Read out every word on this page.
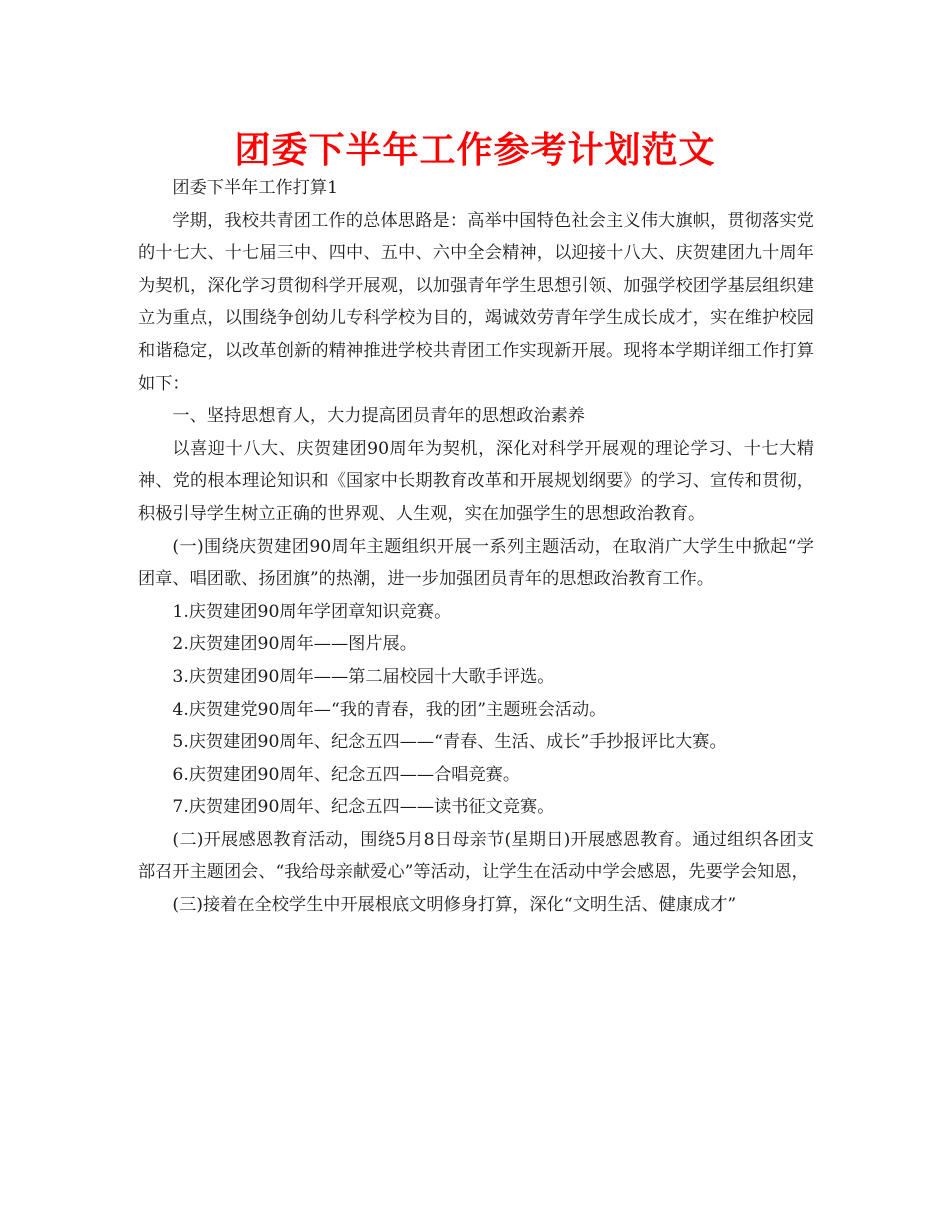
团委下半年工作参考计划范文

团委下半年工作打算1

学期，我校共青团工作的总体思路是：高举中国特色社会主义伟大旗帜，贯彻落实党的十七大、十七届三中、四中、五中、六中全会精神，以迎接十八大、庆贺建团九十周年为契机，深化学习贯彻科学开展观，以加强青年学生思想引领、加强学校团学基层组织建立为重点，以围绕争创幼儿专科学校为目的，竭诚效劳青年学生成长成才，实在维护校园和谐稳定，以改革创新的精神推进学校共青团工作实现新开展。现将本学期详细工作打算如下：

一、坚持思想育人，大力提高团员青年的思想政治素养

以喜迎十八大、庆贺建团90周年为契机，深化对科学开展观的理论学习、十七大精神、党的根本理论知识和《国家中长期教育改革和开展规划纲要》的学习、宣传和贯彻，积极引导学生树立正确的世界观、人生观，实在加强学生的思想政治教育。

(一)围绕庆贺建团90周年主题组织开展一系列主题活动，在取消广大学生中掀起“学团章、唱团歌、扬团旗”的热潮，进一步加强团员青年的思想政治教育工作。

1.庆贺建团90周年学团章知识竞赛。

2.庆贺建团90周年——图片展。

3.庆贺建团90周年——第二届校园十大歌手评选。

4.庆贺建党90周年—“我的青春，我的团”主题班会活动。

5.庆贺建团90周年、纪念五四——“青春、生活、成长”手抄报评比大赛。

6.庆贺建团90周年、纪念五四——合唱竞赛。

7.庆贺建团90周年、纪念五四——读书征文竞赛。

(二)开展感恩教育活动，围绕5月8日母亲节(星期日)开展感恩教育。通过组织各团支部召开主题团会、“我给母亲献爱心”等活动，让学生在活动中学会感恩，先要学会知恩，

(三)接着在全校学生中开展根底文明修身打算，深化“文明生活、健康成才”
